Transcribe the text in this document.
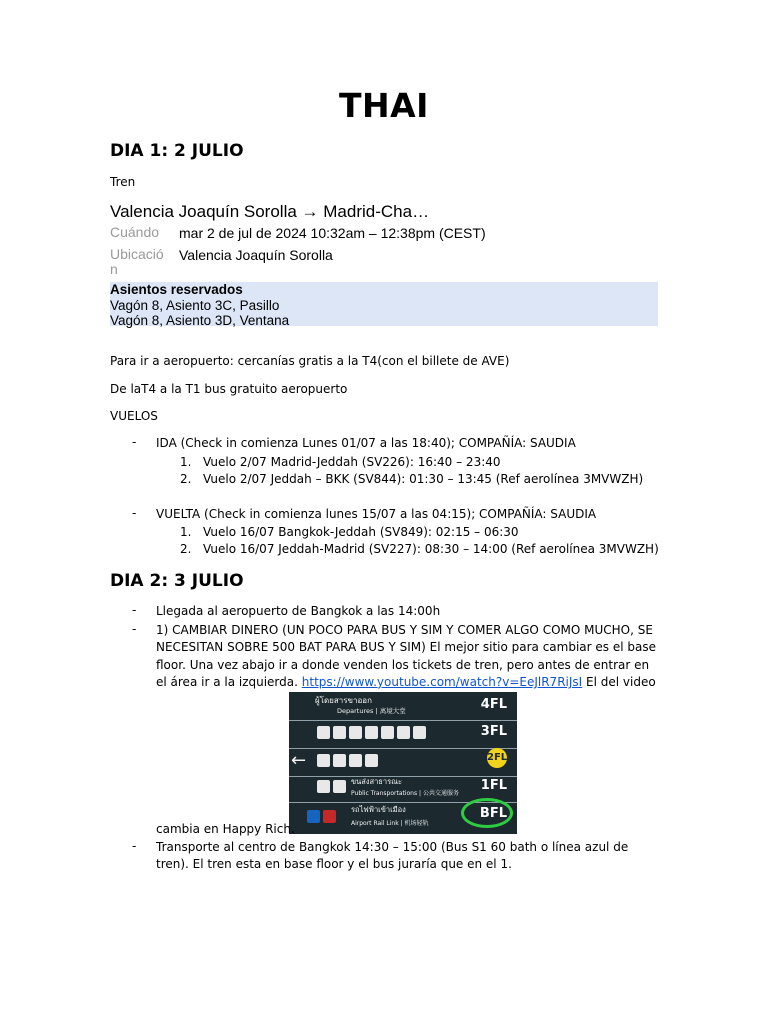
THAI
DIA 1: 2 JULIO
Tren
Valencia Joaquín Sorolla → Madrid-Cha…
Cuándo	mar 2 de jul de 2024 10:32am – 12:38pm (CEST)
Ubicación
Valencia Joaquín Sorolla
Asientos reservados
Vagón 8, Asiento 3C, Pasillo
Vagón 8, Asiento 3D, Ventana
Para ir a aeropuerto: cercanías gratis a la T4(con el billete de AVE)
De laT4 a la T1 bus gratuito aeropuerto
VUELOS
- IDA (Check in comienza Lunes 01/07 a las 18:40); COMPAÑÍA: SAUDIA
1. Vuelo 2/07 Madrid-Jeddah (SV226): 16:40 – 23:40
2. Vuelo 2/07 Jeddah – BKK (SV844): 01:30 – 13:45 (Ref aerolínea 3MVWZH)
- VUELTA (Check in comienza lunes 15/07 a las 04:15); COMPAÑÍA: SAUDIA
1. Vuelo 16/07 Bangkok-Jeddah (SV849): 02:15 – 06:30
2. Vuelo 16/07 Jeddah-Madrid (SV227): 08:30 – 14:00 (Ref aerolínea 3MVWZH)
DIA 2: 3 JULIO
- Llegada al aeropuerto de Bangkok a las 14:00h
- 1) CAMBIAR DINERO (UN POCO PARA BUS Y SIM Y COMER ALGO COMO MUCHO, SE NECESITAN SOBRE 500 BAT PARA BUS Y SIM) El mejor sitio para cambiar es el base floor. Una vez abajo ir a donde venden los tickets de tren, pero antes de entrar en el área ir a la izquierda. https://www.youtube.com/watch?v=EeJlR7RiJsI El del video
ผู้โดยสารขาออก
Departures | 离境大堂	4FL
3FL
←	2FL
ขนส่งสาธารณะ
Public Transportations | 公共交通服务
1FL
รถไฟฟ้าเข้าเมือง
Airport Rail Link | 机场轻轨
BFL
cambia en Happy Rich.
- Transporte al centro de Bangkok 14:30 – 15:00 (Bus S1 60 bath o línea azul de tren). El tren esta en base floor y el bus juraría que en el 1.
